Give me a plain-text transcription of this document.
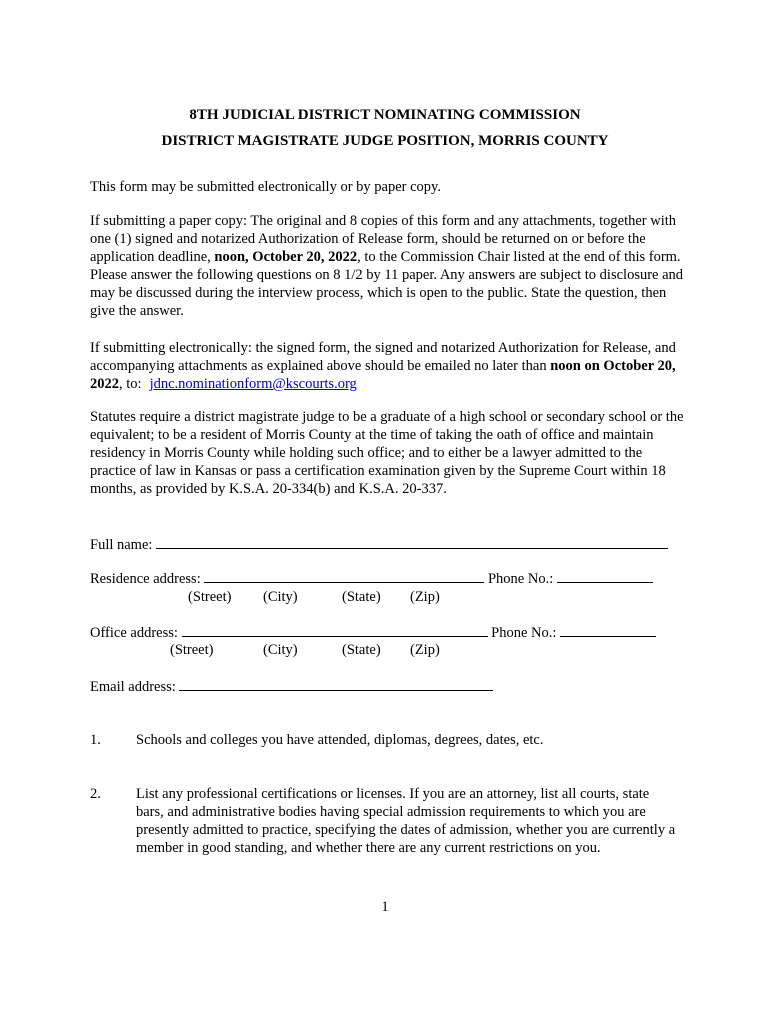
8TH JUDICIAL DISTRICT NOMINATING COMMISSION
DISTRICT MAGISTRATE JUDGE POSITION, MORRIS COUNTY

This form may be submitted electronically or by paper copy.

If submitting a paper copy: The original and 8 copies of this form and any attachments, together with one (1) signed and notarized Authorization of Release form, should be returned on or before the application deadline, noon, October 20, 2022, to the Commission Chair listed at the end of this form. Please answer the following questions on 8 1/2 by 11 paper. Any answers are subject to disclosure and may be discussed during the interview process, which is open to the public. State the question, then give the answer.

If submitting electronically: the signed form, the signed and notarized Authorization for Release, and accompanying attachments as explained above should be emailed no later than noon on October 20, 2022, to: jdnc.nominationform@kscourts.org

Statutes require a district magistrate judge to be a graduate of a high school or secondary school or the equivalent; to be a resident of Morris County at the time of taking the oath of office and maintain residency in Morris County while holding such office; and to either be a lawyer admitted to the practice of law in Kansas or pass a certification examination given by the Supreme Court within 18 months, as provided by K.S.A. 20-334(b) and K.S.A. 20-337.

Full name:
Residence address:	Phone No.:
(Street) (City)	(State) (Zip)
Office address:	Phone No.:
(Street)	(City)	(State) (Zip)
Email address:
1. Schools and colleges you have attended, diplomas, degrees, dates, etc.

2. List any professional certifications or licenses. If you are an attorney, list all courts, state bars, and administrative bodies having special admission requirements to which you are presently admitted to practice, specifying the dates of admission, whether you are currently a member in good standing, and whether there are any current restrictions on you.

1
